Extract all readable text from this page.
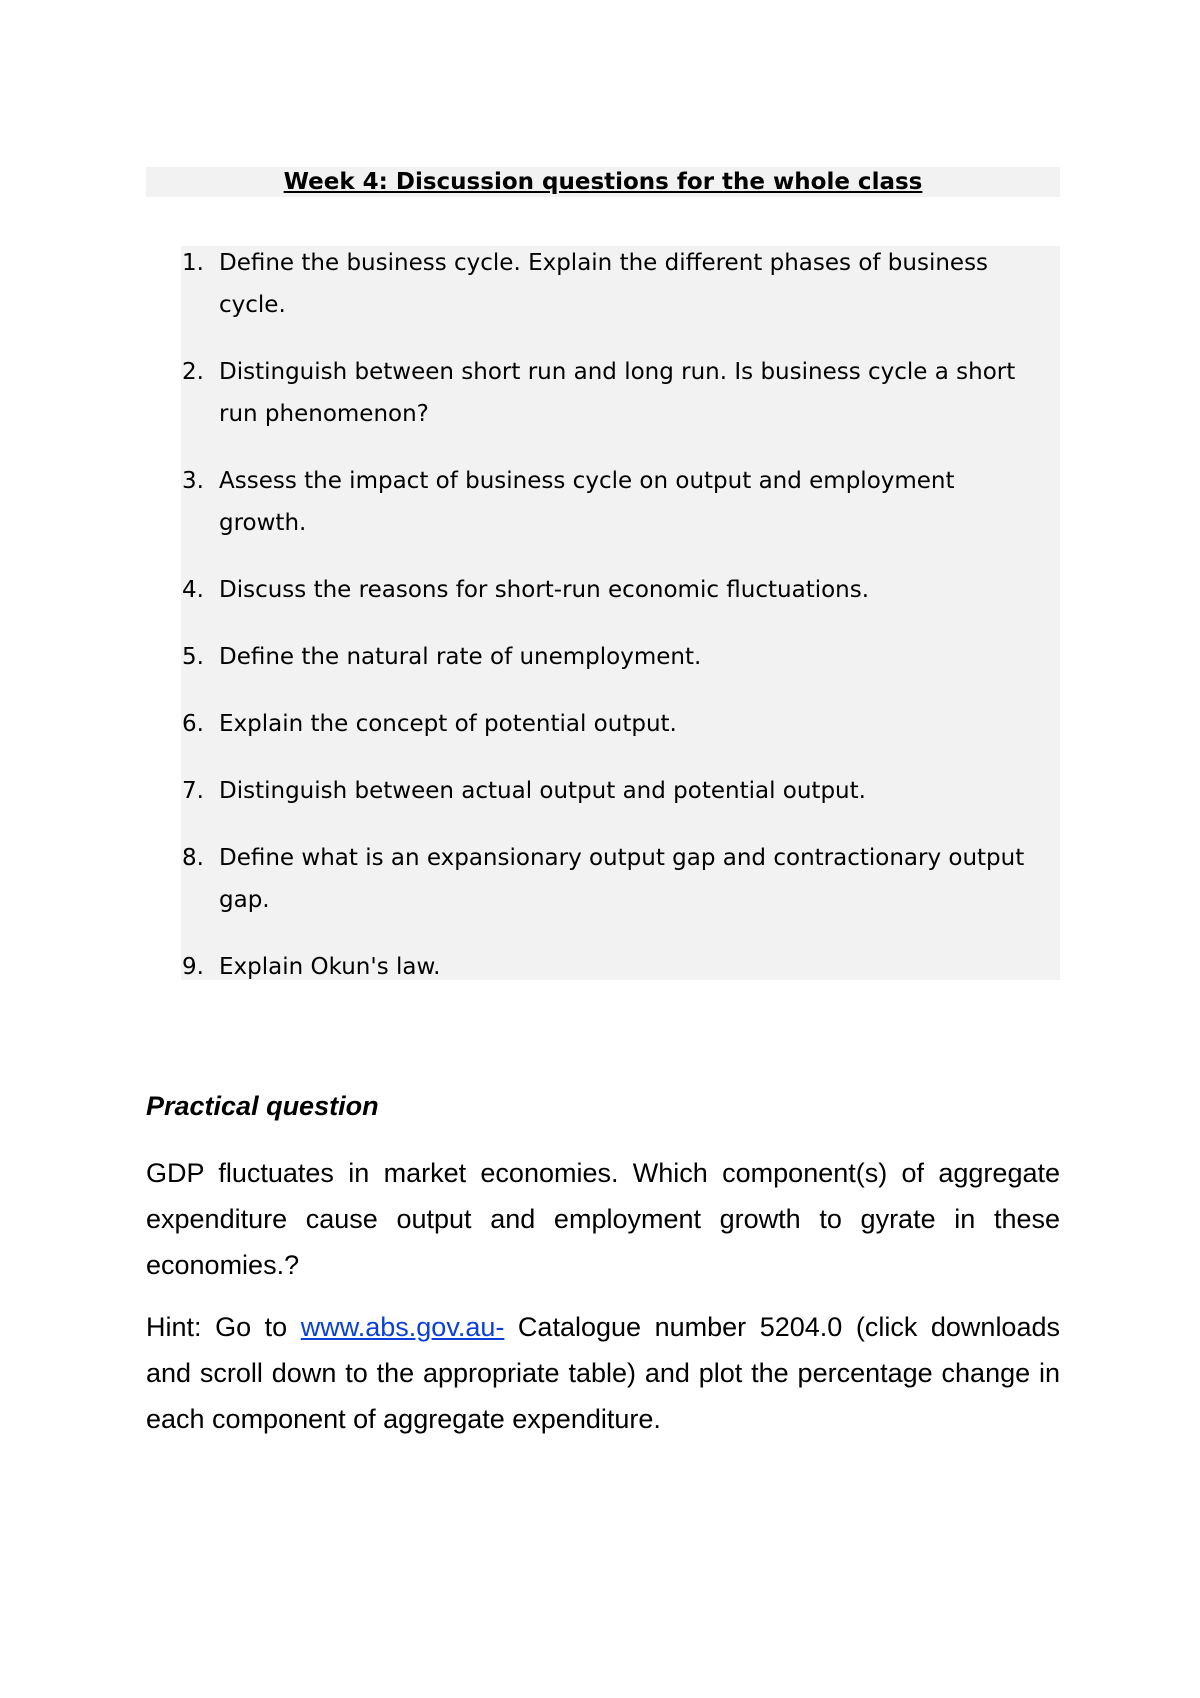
Week 4: Discussion questions for the whole class
1. Define the business cycle. Explain the different phases of business cycle.
2. Distinguish between short run and long run. Is business cycle a short run phenomenon?
3. Assess the impact of business cycle on output and employment growth.
4. Discuss the reasons for short-run economic fluctuations.
5. Define the natural rate of unemployment.
6. Explain the concept of potential output.
7. Distinguish between actual output and potential output.
8. Define what is an expansionary output gap and contractionary output gap.
9. Explain Okun's law.
Practical question

GDP fluctuates in market economies. Which component(s) of aggregate expenditure cause output and employment growth to gyrate in these economies.?

Hint: Go to www.abs.gov.au- Catalogue number 5204.0 (click downloads and scroll down to the appropriate table) and plot the percentage change in each component of aggregate expenditure.
